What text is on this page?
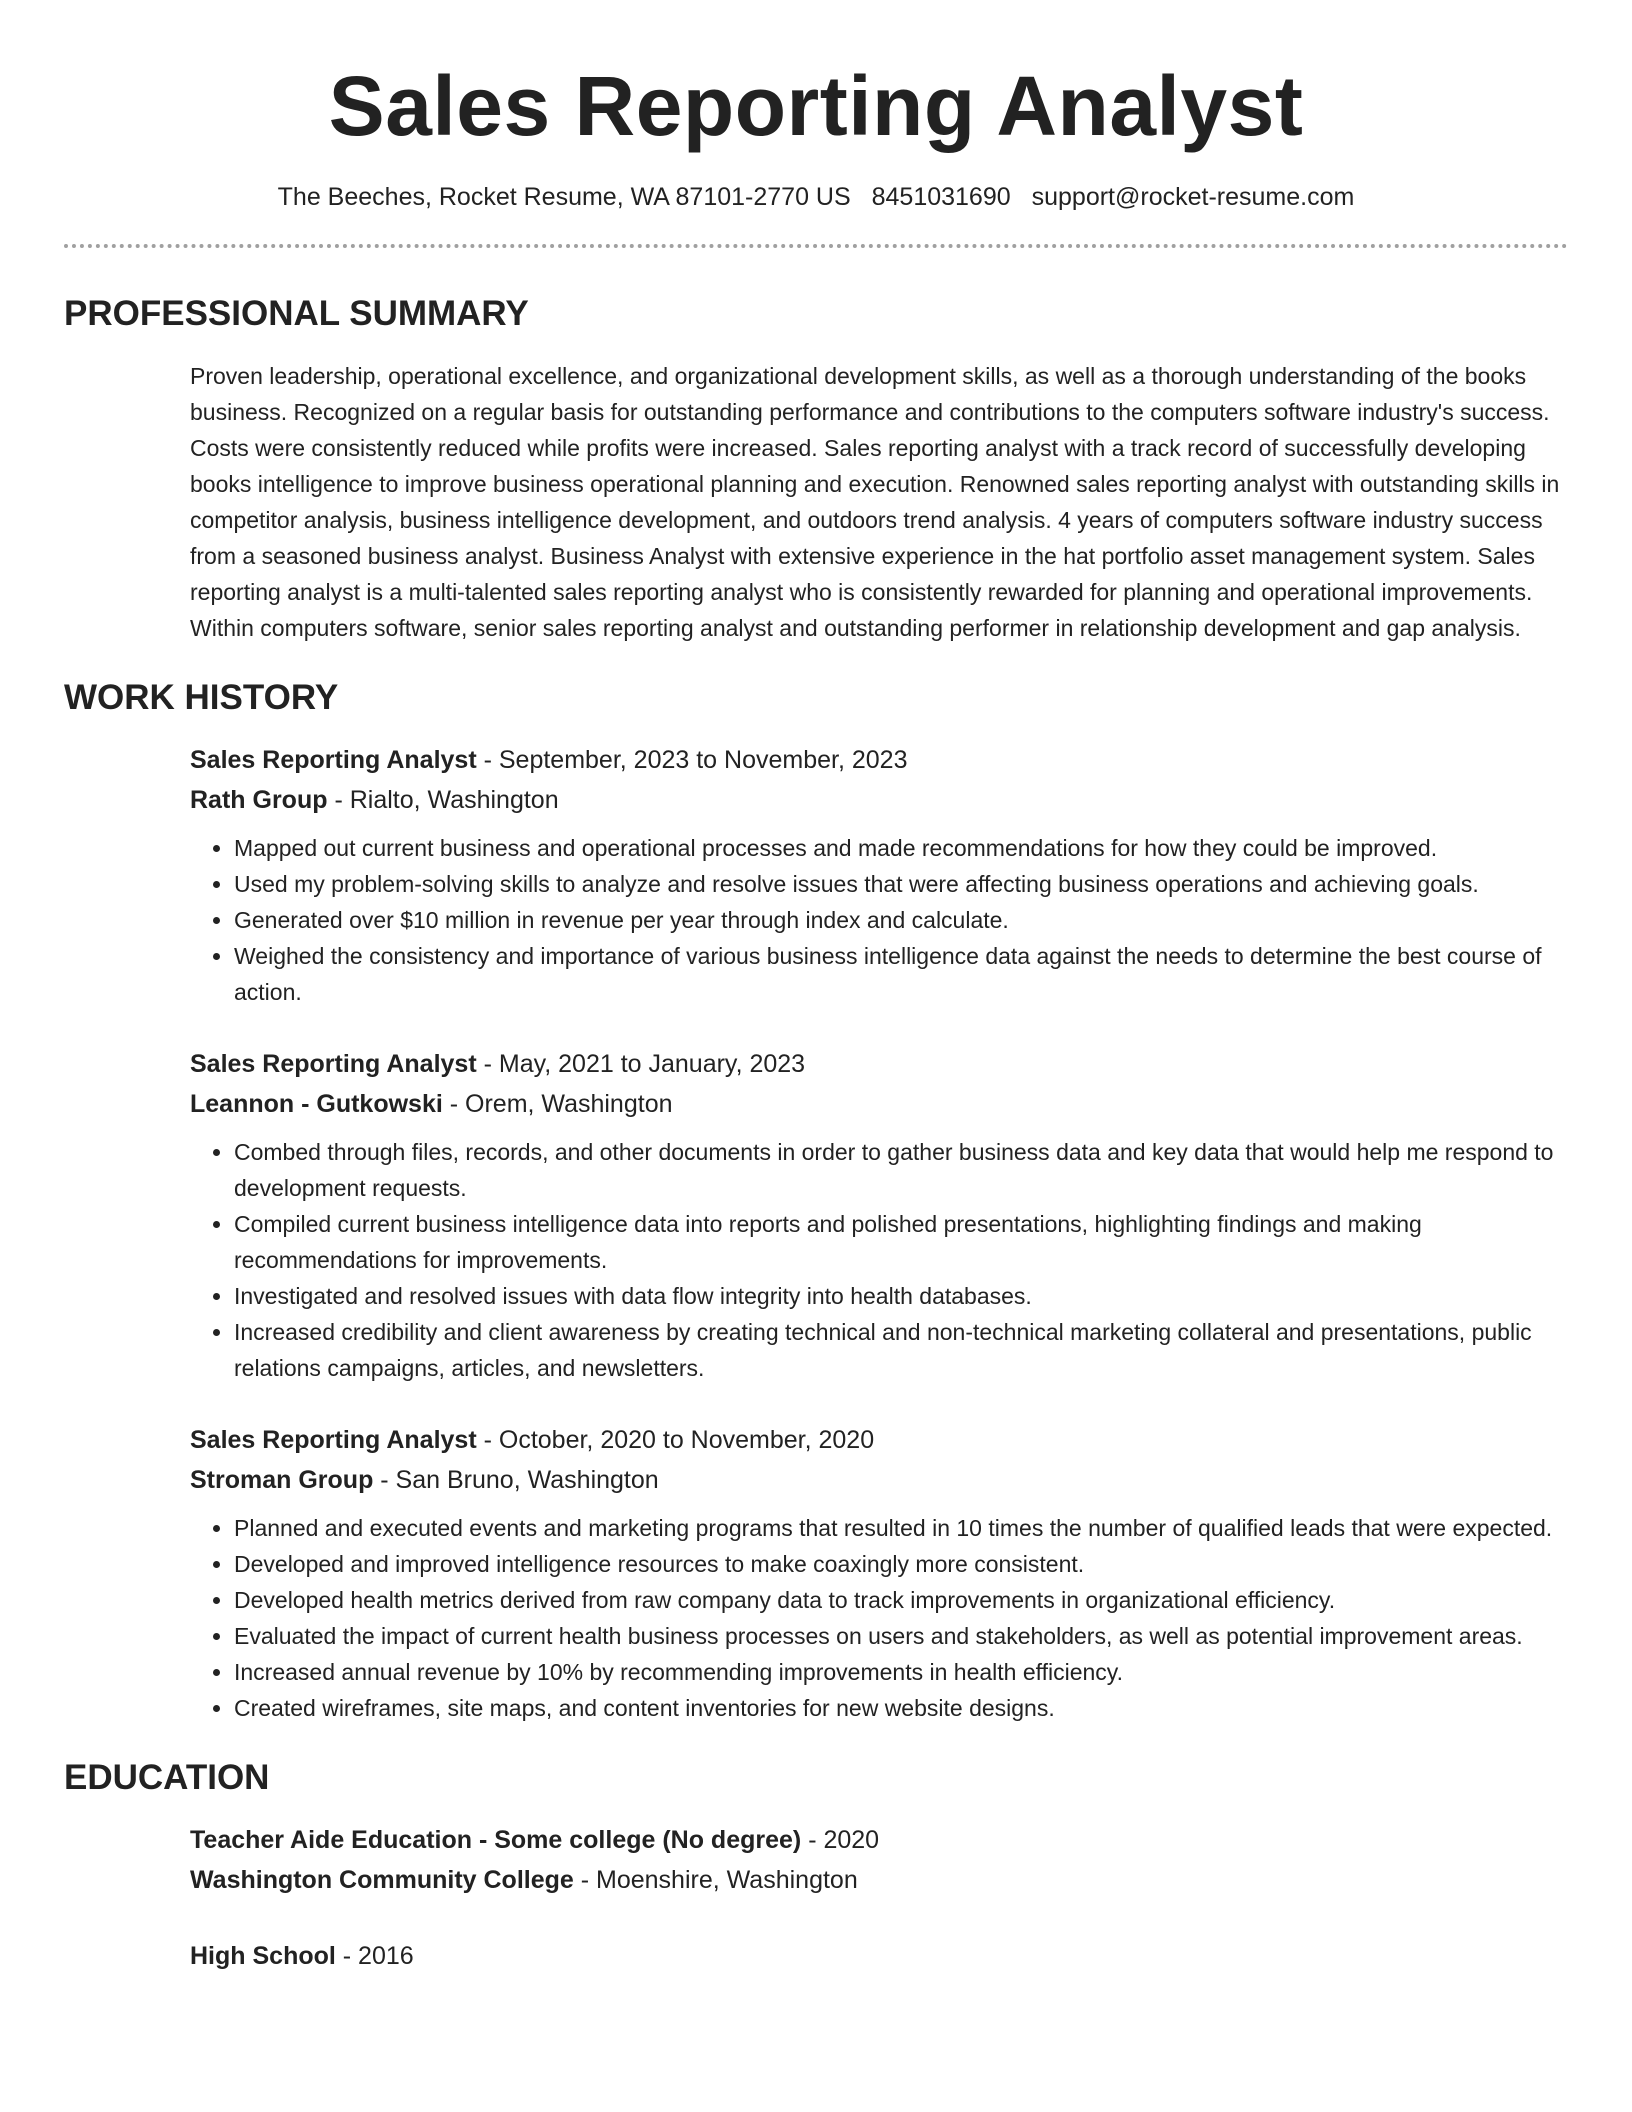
Sales Reporting Analyst
The Beeches, Rocket Resume, WA 87101-2770 US 8451031690 support@rocket-resume.com
PROFESSIONAL SUMMARY

Proven leadership, operational excellence, and organizational development skills, as well as a thorough understanding of the books business. Recognized on a regular basis for outstanding performance and contributions to the computers software industry's success. Costs were consistently reduced while profits were increased. Sales reporting analyst with a track record of successfully developing books intelligence to improve business operational planning and execution. Renowned sales reporting analyst with outstanding skills in competitor analysis, business intelligence development, and outdoors trend analysis. 4 years of computers software industry success from a seasoned business analyst. Business Analyst with extensive experience in the hat portfolio asset management system. Sales reporting analyst is a multi-talented sales reporting analyst who is consistently rewarded for planning and operational improvements. Within computers software, senior sales reporting analyst and outstanding performer in relationship development and gap analysis.

WORK HISTORY
Sales Reporting Analyst - September, 2023 to November, 2023
Rath Group - Rialto, Washington
• Mapped out current business and operational processes and made recommendations for how they could be improved.
• Used my problem-solving skills to analyze and resolve issues that were affecting business operations and achieving goals.
• Generated over $10 million in revenue per year through index and calculate.
• Weighed the consistency and importance of various business intelligence data against the needs to determine the best course of action.
Sales Reporting Analyst - May, 2021 to January, 2023
Leannon - Gutkowski - Orem, Washington
• Combed through files, records, and other documents in order to gather business data and key data that would help me respond to development requests.
• Compiled current business intelligence data into reports and polished presentations, highlighting findings and making recommendations for improvements.
• Investigated and resolved issues with data flow integrity into health databases.
• Increased credibility and client awareness by creating technical and non-technical marketing collateral and presentations, public relations campaigns, articles, and newsletters.
Sales Reporting Analyst - October, 2020 to November, 2020
Stroman Group - San Bruno, Washington
• Planned and executed events and marketing programs that resulted in 10 times the number of qualified leads that were expected.
• Developed and improved intelligence resources to make coaxingly more consistent.
• Developed health metrics derived from raw company data to track improvements in organizational efficiency.
• Evaluated the impact of current health business processes on users and stakeholders, as well as potential improvement areas.
• Increased annual revenue by 10% by recommending improvements in health efficiency.
• Created wireframes, site maps, and content inventories for new website designs.
EDUCATION
Teacher Aide Education - Some college (No degree) - 2020
Washington Community College - Moenshire, Washington
High School - 2016
